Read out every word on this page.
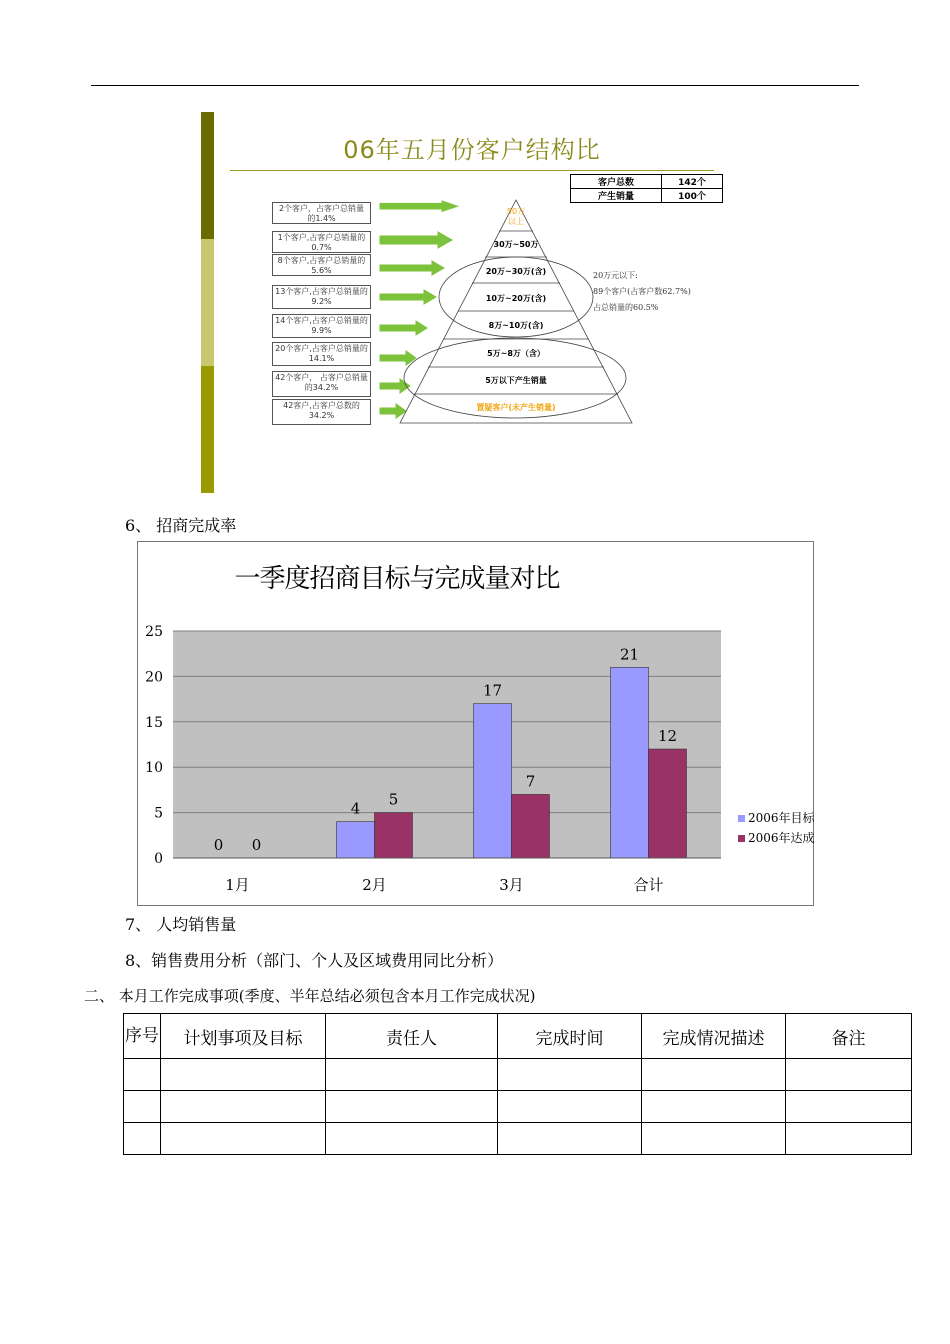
06年五月份客户结构比
客户总数	142个
产生销量	100个
2个客户，占客户总销量的1.4%
1个客户,占客户总销量的0.7%
8个客户,占客户总销量的5.6%
13个客户,占客户总销量的9.2%
14个客户,占客户总销量的9.9%
20个客户,占客户总销量的14.1%
42个客户， 占客户总销量的34.2%
42客户,占客户总数的34.2%
50万以上
30万~50万
20万~30万(含)
10万~20万(含)
8万~10万(含)
5万~8万（含）
5万以下产生销量
置疑客户(未产生销量)
20万元以下:
89个客户(占客户数62.7%)
占总销量的60.5%
6、 招商完成率
一季度招商目标与完成量对比
0
5
10
15
20
25
1月
0 0
2月
4
5
3月
17
7
合计
21
12
2006年目标
2006年达成
7、 人均销售量
8、销售费用分析（部门、个人及区域费用同比分析）
二、 本月工作完成事项(季度、半年总结必须包含本月工作完成状况)
序号	计划事项及目标	责任人	完成时间	完成情况描述	备注
